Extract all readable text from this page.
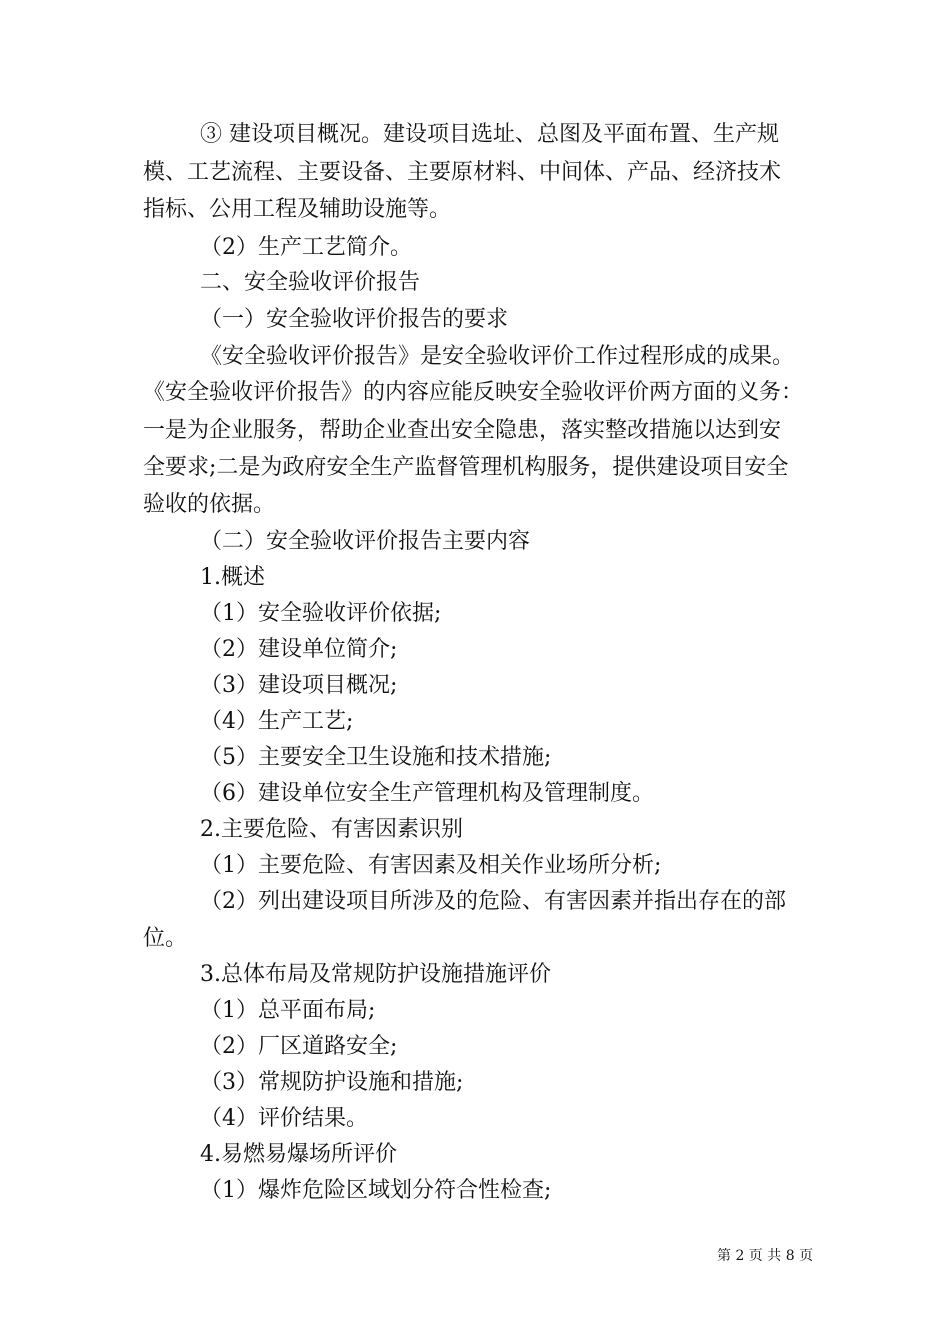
③ 建设项目概况。建设项目选址、总图及平面布置、生产规
模、工艺流程、主要设备、主要原材料、中间体、产品、经济技术
指标、公用工程及辅助设施等。
（2）生产工艺简介。
二、安全验收评价报告
（一）安全验收评价报告的要求
《安全验收评价报告》是安全验收评价工作过程形成的成果。
《安全验收评价报告》的内容应能反映安全验收评价两方面的义务：
一是为企业服务，帮助企业查出安全隐患，落实整改措施以达到安
全要求;二是为政府安全生产监督管理机构服务，提供建设项目安全
验收的依据。
（二）安全验收评价报告主要内容
1.概述
（1）安全验收评价依据;
（2）建设单位简介;
（3）建设项目概况;
（4）生产工艺;
（5）主要安全卫生设施和技术措施;
（6）建设单位安全生产管理机构及管理制度。
2.主要危险、有害因素识别
（1）主要危险、有害因素及相关作业场所分析;
（2）列出建设项目所涉及的危险、有害因素并指出存在的部
位。
3.总体布局及常规防护设施措施评价
（1）总平面布局;
（2）厂区道路安全;
（3）常规防护设施和措施;
（4）评价结果。
4.易燃易爆场所评价
（1）爆炸危险区域划分符合性检查;
第 2 页 共 8 页
